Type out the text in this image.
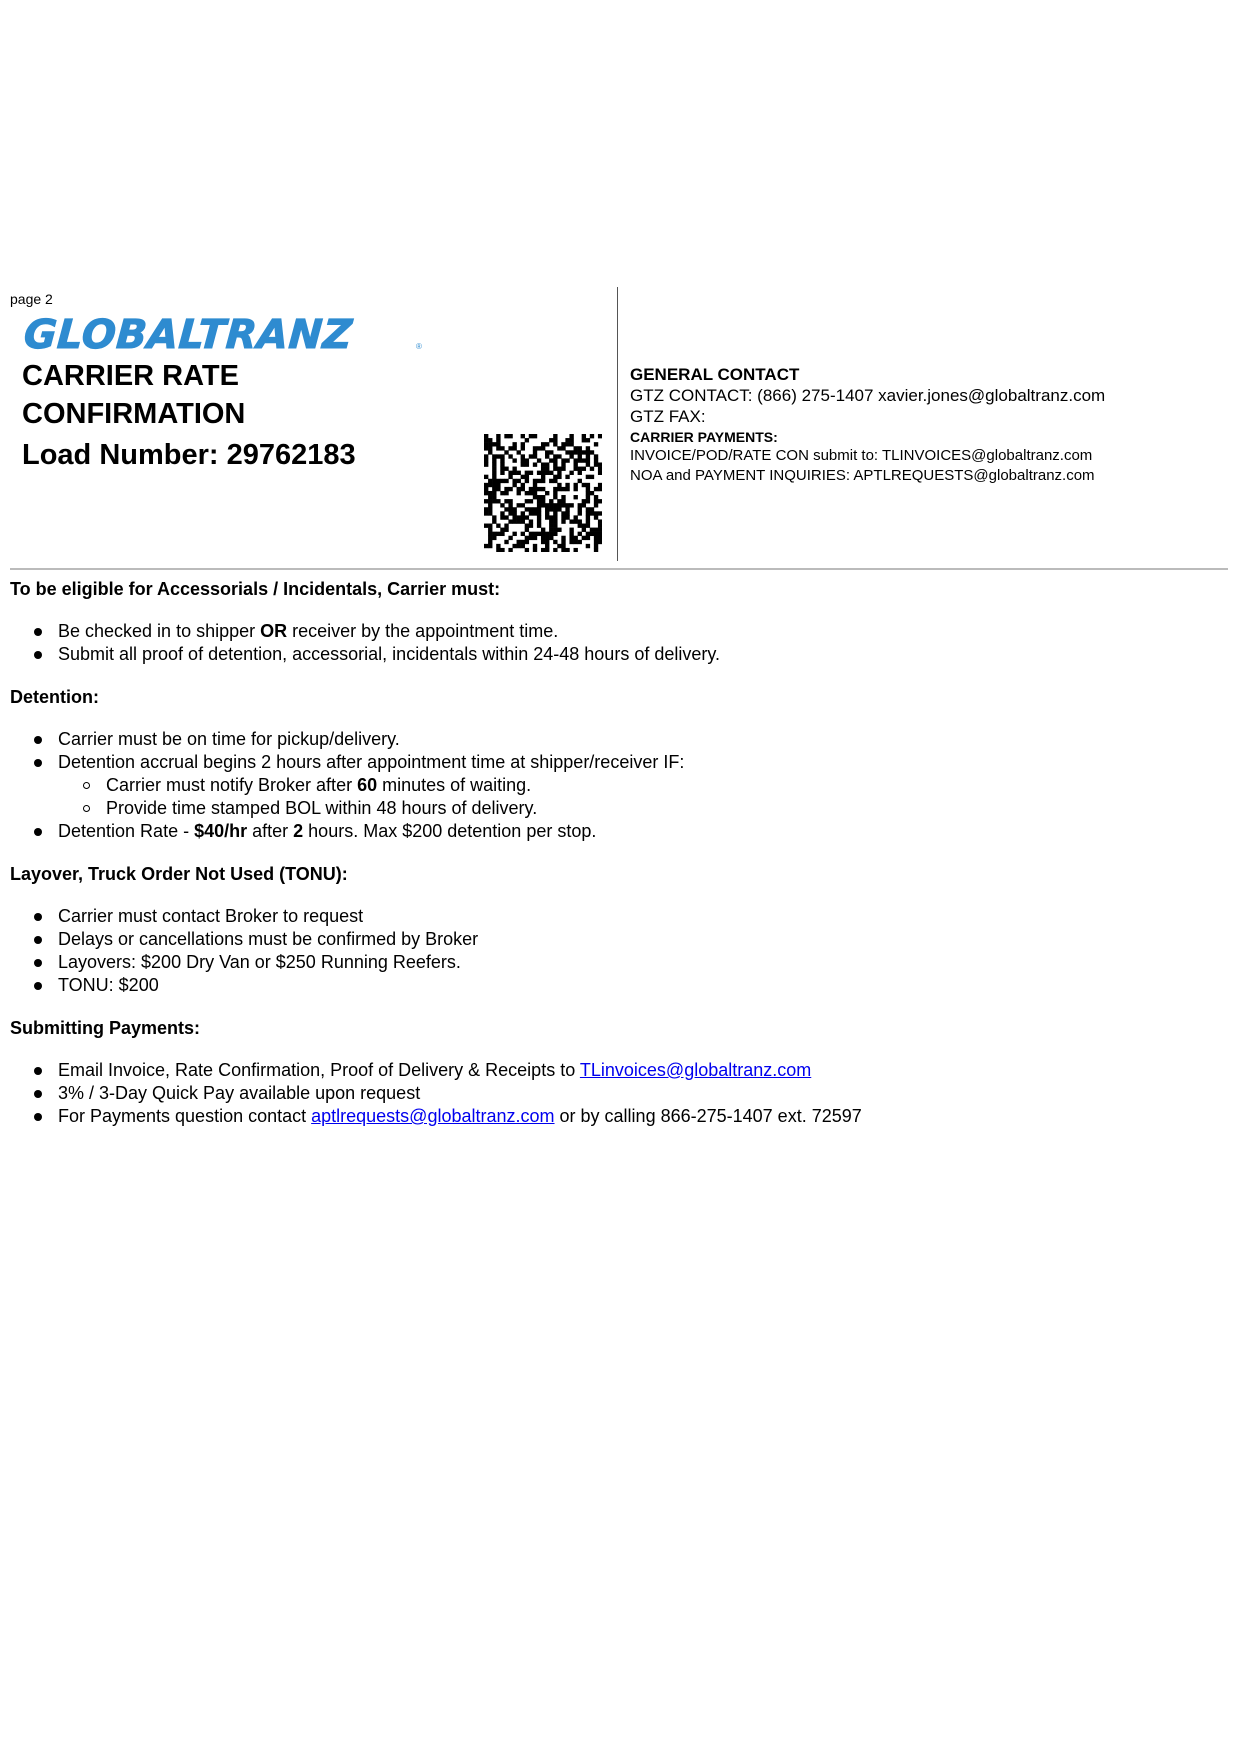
page 2
GLOBALTRANZ	®
CARRIER RATE
CONFIRMATION
Load Number: 29762183
GENERAL CONTACT
GTZ CONTACT: (866) 275-1407 xavier.jones@globaltranz.com
GTZ FAX:
CARRIER PAYMENTS:
INVOICE/POD/RATE CON submit to: TLINVOICES@globaltranz.com
NOA and PAYMENT INQUIRIES: APTLREQUESTS@globaltranz.com
To be eligible for Accessorials / Incidentals, Carrier must:
Be checked in to shipper OR receiver by the appointment time.
Submit all proof of detention, accessorial, incidentals within 24-48 hours of delivery.
Detention:
Carrier must be on time for pickup/delivery.
Detention accrual begins 2 hours after appointment time at shipper/receiver IF:
Carrier must notify Broker after 60 minutes of waiting.
Provide time stamped BOL within 48 hours of delivery.
Detention Rate - $40/hr after 2 hours. Max $200 detention per stop.
Layover, Truck Order Not Used (TONU):
Carrier must contact Broker to request
Delays or cancellations must be confirmed by Broker
Layovers: $200 Dry Van or $250 Running Reefers.
TONU: $200
Submitting Payments:
Email Invoice, Rate Confirmation, Proof of Delivery & Receipts to TLinvoices@globaltranz.com
3% / 3-Day Quick Pay available upon request
For Payments question contact aptlrequests@globaltranz.com or by calling 866-275-1407 ext. 72597
